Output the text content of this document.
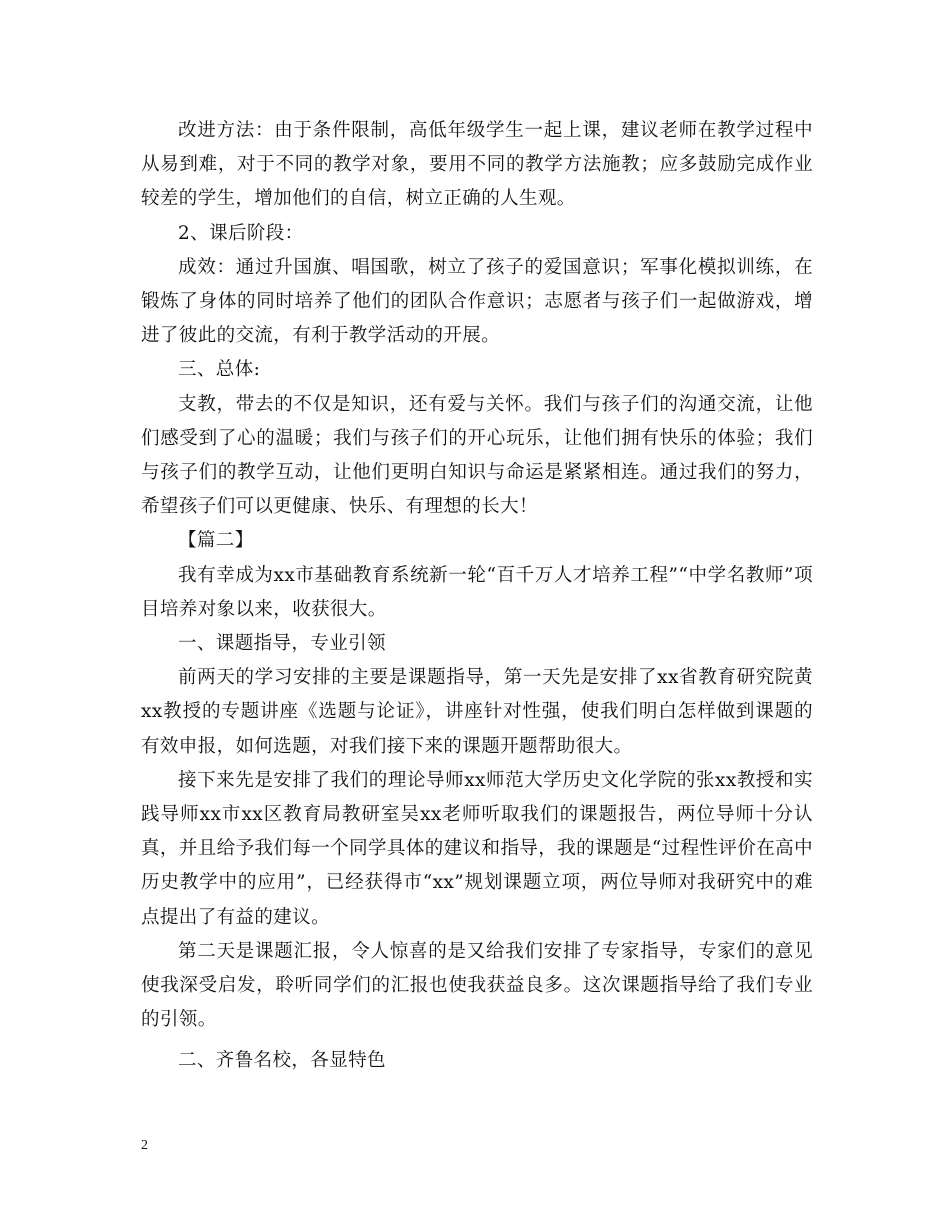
改进方法：由于条件限制，高低年级学生一起上课，建议老师在教学过程中从易到难，对于不同的教学对象，要用不同的教学方法施教；应多鼓励完成作业较差的学生，增加他们的自信，树立正确的人生观。

2、课后阶段：

成效：通过升国旗、唱国歌，树立了孩子的爱国意识；军事化模拟训练，在锻炼了身体的同时培养了他们的团队合作意识；志愿者与孩子们一起做游戏，增进了彼此的交流，有利于教学活动的开展。

三、总体:

支教，带去的不仅是知识，还有爱与关怀。我们与孩子们的沟通交流，让他们感受到了心的温暖；我们与孩子们的开心玩乐，让他们拥有快乐的体验；我们与孩子们的教学互动，让他们更明白知识与命运是紧紧相连。通过我们的努力，希望孩子们可以更健康、快乐、有理想的长大！

【篇二】

我有幸成为xx市基础教育系统新一轮“百千万人才培养工程”“中学名教师”项目培养对象以来，收获很大。

一、课题指导，专业引领

前两天的学习安排的主要是课题指导，第一天先是安排了xx省教育研究院黄xx教授的专题讲座《选题与论证》，讲座针对性强，使我们明白怎样做到课题的有效申报，如何选题，对我们接下来的课题开题帮助很大。

接下来先是安排了我们的理论导师xx师范大学历史文化学院的张xx教授和实践导师xx市xx区教育局教研室吴xx老师听取我们的课题报告，两位导师十分认真，并且给予我们每一个同学具体的建议和指导，我的课题是“过程性评价在高中历史教学中的应用”，已经获得市“xx”规划课题立项，两位导师对我研究中的难点提出了有益的建议。

第二天是课题汇报，令人惊喜的是又给我们安排了专家指导，专家们的意见使我深受启发，聆听同学们的汇报也使我获益良多。这次课题指导给了我们专业的引领。

二、齐鲁名校，各显特色

2
